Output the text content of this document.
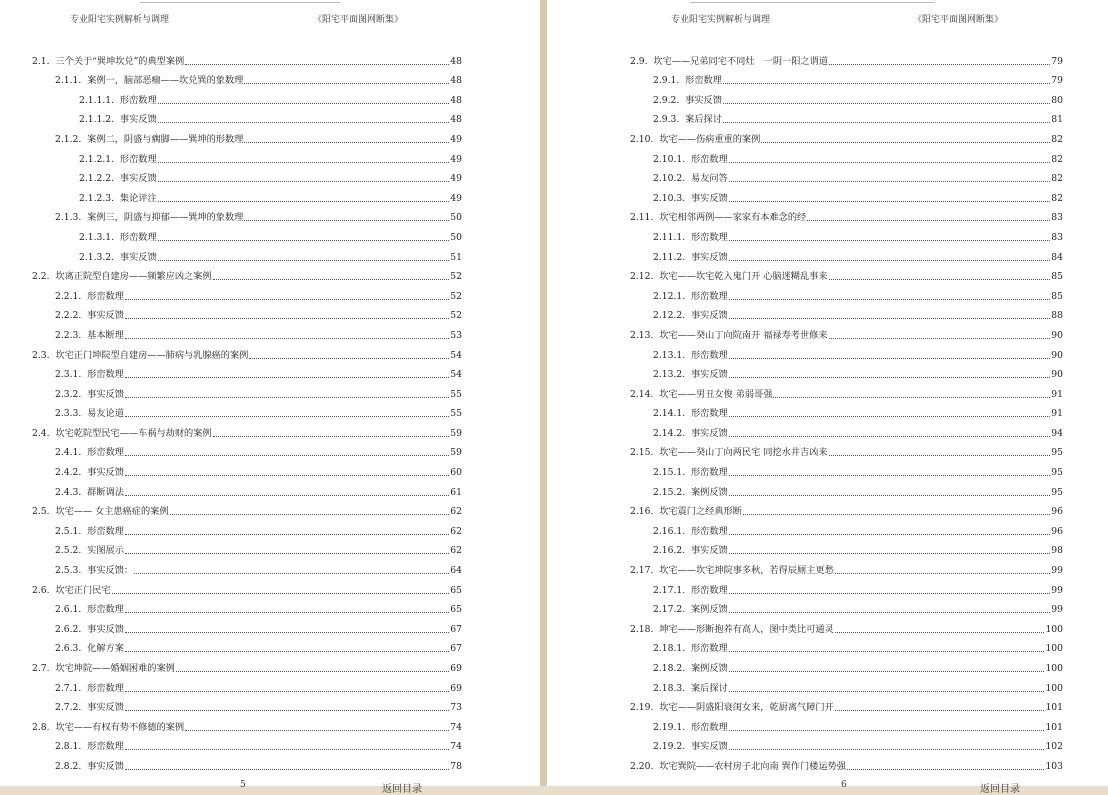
专业阳宅实例解析与调理	《阳宅平面图网断集》
2.1. 三个关于“巽坤坎兑”的典型案例	48
2.1.1. 案例一，脑部恶瘤——坎兑巽的象数理	48
2.1.1.1. 形峦数理	48
2.1.1.2. 事实反馈	48
2.1.2. 案例二，阴盛与瘸脚——巽坤的形数理	49
2.1.2.1. 形峦数理	49
2.1.2.2. 事实反馈	49
2.1.2.3. 集论评注	49
2.1.3. 案例三，阴盛与抑郁——巽坤的象数理	50
2.1.3.1. 形峦数理	50
2.1.3.2. 事实反馈	51
2.2. 坎离正院型自建房——频繁应凶之案例	52
2.2.1. 形峦数理	52
2.2.2. 事实反馈	52
2.2.3. 基本断理	53
2.3. 坎宅正门坤院型自建房——肺病与乳腺癌的案例	54
2.3.1. 形峦数理	54
2.3.2. 事实反馈	55
2.3.3. 易友论道	55
2.4. 坎宅乾院型民宅——车祸与劫财的案例	59
2.4.1. 形峦数理	59
2.4.2. 事实反馈	60
2.4.3. 群断调法	61
2.5. 坎宅—— 女主患癌症的案例	62
2.5.1. 形峦数理	62
2.5.2. 实图展示	62
2.5.3. 事实反馈：	64
2.6. 坎宅正门民宅	65
2.6.1. 形峦数理	65
2.6.2. 事实反馈	67
2.6.3. 化解方案	67
2.7. 坎宅坤院——婚姻困难的案例	69
2.7.1. 形峦数理	69
2.7.2. 事实反馈	73
2.8. 坎宅——有权有势不修德的案例	74
2.8.1. 形峦数理	74
2.8.2. 事实反馈	78
5	返回目录
专业阳宅实例解析与调理	《阳宅平面图网断集》
2.9. 坎宅——兄弟同宅不同灶　一阴一阳之谓道	79
2.9.1. 形峦数理	79
2.9.2. 事实反馈	80
2.9.3. 案后探讨	81
2.10. 坎宅——伤病重重的案例	82
2.10.1. 形峦数理	82
2.10.2. 易友问答	82
2.10.3. 事实反馈	82
2.11. 坎宅相邻两例——家家有本难念的经	83
2.11.1. 形峦数理	83
2.11.2. 事实反馈	84
2.12. 坎宅——坎宅乾入鬼门开 心脑迷糊乱事来	85
2.12.1. 形峦数理	85
2.12.2. 事实反馈	88
2.13. 坎宅——癸山丁向院南开 福禄寿考世修来	90
2.13.1. 形峦数理	90
2.13.2. 事实反馈	90
2.14. 坎宅——男丑女俊 弟弱哥强	91
2.14.1. 形峦数理	91
2.14.2. 事实反馈	94
2.15. 坎宅——癸山丁向两民宅 同挖水井吉凶来	95
2.15.1. 形峦数理	95
2.15.2. 案例反馈	95
2.16. 坎宅震门之经典形断	96
2.16.1. 形峦数理	96
2.16.2. 事实反馈	98
2.17. 坎宅——坎宅坤院事多秋，若得辰厕主更愁	99
2.17.1. 形峦数理	99
2.17.2. 案例反馈	99
2.18. 坤宅——形断抱养有高人，图中类比可通灵	100
2.18.1. 形峦数理	100
2.18.2. 案例反馈	100
2.18.3. 案后探讨	100
2.19. 坎宅——阴盛阳衰闺女来，乾厨离气障门开	101
2.19.1. 形峦数理	101
2.19.2. 事实反馈	102
2.20. 坎宅巽院——农村房子北向南 巽作门楼运势强	103
6	返回目录
